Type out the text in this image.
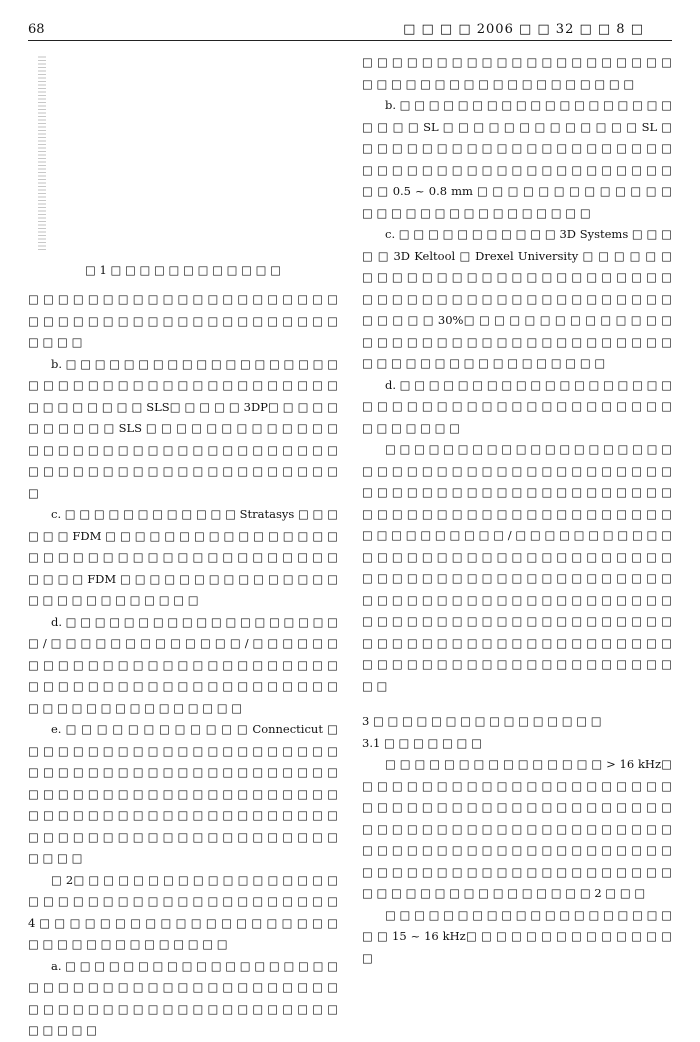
68	□ □ □ □ 2006 □ □ 32 □ □ 8 □
□ 1 □ □ □ □ □ □ □ □ □ □ □ □

□ □ □ □ □ □ □ □ □ □ □ □ □ □ □ □ □ □ □ □ □ □ □ □ □ □ □ □ □ □ □ □ □ □ □ □ □ □ □ □ □ □ □ □ □ □

b. □ □ □ □ □ □ □ □ □ □ □ □ □ □ □ □ □ □ □ □ □ □ □ □ □ □ □ □ □ □ □ □ □ □ □ □ □ □ □ □ □ □ □ □ □ □ □ □ SLS□ □ □ □ □ 3DP□ □ □ □ □ □ □ □ □ □ □ SLS □ □ □ □ □ □ □ □ □ □ □ □ □ □ □ □ □ □ □ □ □ □ □ □ □ □ □ □ □ □ □ □ □ □ □ □ □ □ □ □ □ □ □ □ □ □ □ □ □ □ □ □ □ □ □ □

c. □ □ □ □ □ □ □ □ □ □ □ □ Stratasys □ □ □ □ □ □ FDM □ □ □ □ □ □ □ □ □ □ □ □ □ □ □ □ □ □ □ □ □ □ □ □ □ □ □ □ □ □ □ □ □ □ □ □ □ □ □ □ □ FDM □ □ □ □ □ □ □ □ □ □ □ □ □ □ □ □ □ □ □ □ □ □ □ □ □ □ □

d. □ □ □ □ □ □ □ □ □ □ □ □ □ □ □ □ □ □ □ □ / □ □ □ □ □ □ □ □ □ □ □ □ □ / □ □ □ □ □ □ □ □ □ □ □ □ □ □ □ □ □ □ □ □ □ □ □ □ □ □ □ □ □ □ □ □ □ □ □ □ □ □ □ □ □ □ □ □ □ □ □ □ □ □ □ □ □ □ □ □ □ □ □ □ □ □ □

e. □ □ □ □ □ □ □ □ □ □ □ □ Connecticut □ □ □ □ □ □ □ □ □ □ □ □ □ □ □ □ □ □ □ □ □ □ □ □ □ □ □ □ □ □ □ □ □ □ □ □ □ □ □ □ □ □ □ □ □ □ □ □ □ □ □ □ □ □ □ □ □ □ □ □ □ □ □ □ □ □ □ □ □ □ □ □ □ □ □ □ □ □ □ □ □ □ □ □ □ □ □ □ □ □ □ □ □ □ □ □ □ □ □ □ □ □ □ □ □ □ □ □ □ □

□ 2□ □ □ □ □ □ □ □ □ □ □ □ □ □ □ □ □ □ □ □ □ □ □ □ □ □ □ □ □ □ □ □ □ □ □ □ □ □ □ 4 □ □ □ □ □ □ □ □ □ □ □ □ □ □ □ □ □ □ □ □ □ □ □ □ □ □ □ □ □ □ □ □ □ □

a. □ □ □ □ □ □ □ □ □ □ □ □ □ □ □ □ □ □ □ □ □ □ □ □ □ □ □ □ □ □ □ □ □ □ □ □ □ □ □ □ □ □ □ □ □ □ □ □ □ □ □ □ □ □ □ □ □ □ □ □ □ □ □ □ □ □

□ □ □ □ □ □ □ □ □ □ □ □ □ □ □ □ □ □ □ □ □ □ □ □ □ □ □ □ □ □ □ □ □ □ □ □ □ □ □ □

b. □ □ □ □ □ □ □ □ □ □ □ □ □ □ □ □ □ □ □ □ □ □ □ SL □ □ □ □ □ □ □ □ □ □ □ □ □ SL □ □ □ □ □ □ □ □ □ □ □ □ □ □ □ □ □ □ □ □ □ □ □ □ □ □ □ □ □ □ □ □ □ □ □ □ □ □ □ □ □ □ □ □ □ 0.5 ~ 0.8 mm □ □ □ □ □ □ □ □ □ □ □ □ □ □ □ □ □ □ □ □ □ □ □ □ □ □ □ □ □

c. □ □ □ □ □ □ □ □ □ □ □ 3D Systems □ □ □ □ □ 3D Keltool □ Drexel University □ □ □ □ □ □ □ □ □ □ □ □ □ □ □ □ □ □ □ □ □ □ □ □ □ □ □ □ □ □ □ □ □ □ □ □ □ □ □ □ □ □ □ □ □ □ □ □ □ □ □ □ □ 30%□ □ □ □ □ □ □ □ □ □ □ □ □ □ □ □ □ □ □ □ □ □ □ □ □ □ □ □ □ □ □ □ □ □ □ □ □ □ □ □ □ □ □ □ □ □ □ □ □ □ □ □

d. □ □ □ □ □ □ □ □ □ □ □ □ □ □ □ □ □ □ □ □ □ □ □ □ □ □ □ □ □ □ □ □ □ □ □ □ □ □ □ □ □ □ □ □ □ □ □

□ □ □ □ □ □ □ □ □ □ □ □ □ □ □ □ □ □ □ □ □ □ □ □ □ □ □ □ □ □ □ □ □ □ □ □ □ □ □ □ □ □ □ □ □ □ □ □ □ □ □ □ □ □ □ □ □ □ □ □ □ □ □ □ □ □ □ □ □ □ □ □ □ □ □ □ □ □ □ □ □ □ □ □ □ □ □ □ □ □ □ □ □ / □ □ □ □ □ □ □ □ □ □ □ □ □ □ □ □ □ □ □ □ □ □ □ □ □ □ □ □ □ □ □ □ □ □ □ □ □ □ □ □ □ □ □ □ □ □ □ □ □ □ □ □ □ □ □ □ □ □ □ □ □ □ □ □ □ □ □ □ □ □ □ □ □ □ □ □ □ □ □ □ □ □ □ □ □ □ □ □ □ □ □ □ □ □ □ □ □ □ □ □ □ □ □ □ □ □ □ □ □ □ □ □ □ □ □ □ □ □ □ □ □ □ □ □ □ □ □ □ □ □ □ □ □ □ □ □ □ □ □

3 □ □ □ □ □ □ □ □ □ □ □ □ □ □ □ □

3.1 □ □ □ □ □ □ □

□ □ □ □ □ □ □ □ □ □ □ □ □ □ □ > 16 kHz□ □ □ □ □ □ □ □ □ □ □ □ □ □ □ □ □ □ □ □ □ □ □ □ □ □ □ □ □ □ □ □ □ □ □ □ □ □ □ □ □ □ □ □ □ □ □ □ □ □ □ □ □ □ □ □ □ □ □ □ □ □ □ □ □ □ □ □ □ □ □ □ □ □ □ □ □ □ □ □ □ □ □ □ □ □ □ □ □ □ □ □ □ □ □ □ □ □ □ □ □ □ □ □ □ □ □ □ □ □ □ □ □ □ □ □ □ □ □ □ □ □ 2 □ □ □

□ □ □ □ □ □ □ □ □ □ □ □ □ □ □ □ □ □ □ □ □ □ 15 ~ 16 kHz□ □ □ □ □ □ □ □ □ □ □ □ □ □ □
